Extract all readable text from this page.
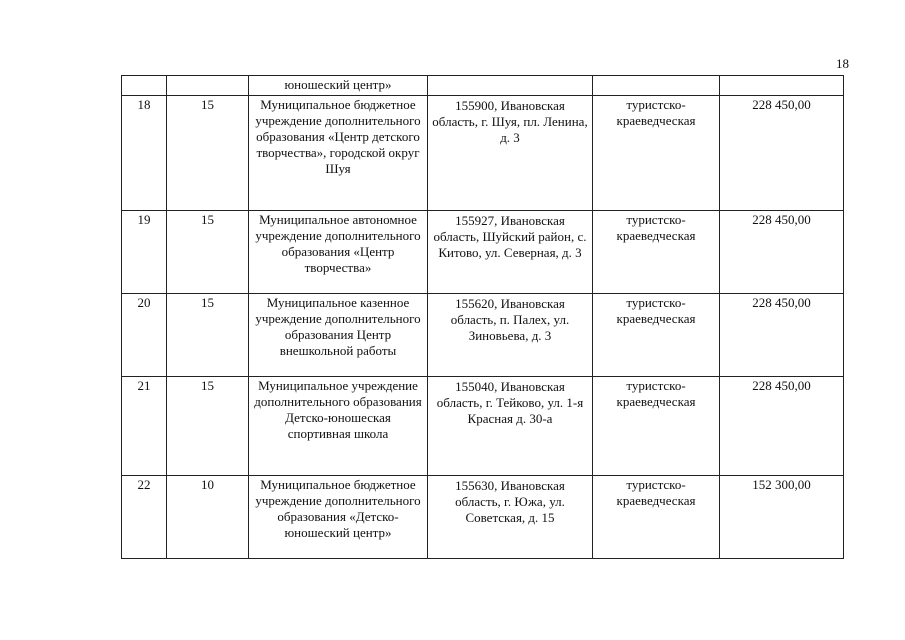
18

		юношеский центр»			

18	15	Муниципальное бюджетное учреждение дополнительного образования «Центр детского творчества», городской округ Шуя	155900, Ивановская область, г. Шуя, пл. Ленина, д. 3	туристско-краеведческая	228 450,00
19	15	Муниципальное автономное учреждение дополнительного образования «Центр творчества»	155927, Ивановская область, Шуйский район, с. Китово, ул. Северная, д. 3	туристско-краеведческая	228 450,00
20	15	Муниципальное казенное учреждение дополнительного образования Центр внешкольной работы	155620, Ивановская область, п. Палех, ул. Зиновьева, д. 3	туристско-краеведческая	228 450,00
21	15	Муниципальное учреждение дополнительного образования Детско-юношеская спортивная школа	155040, Ивановская область, г. Тейково, ул. 1-я Красная д. 30-а	туристско-краеведческая	228 450,00
22	10	Муниципальное бюджетное учреждение дополнительного образования «Детско-юношеский центр»	155630, Ивановская область, г. Южа, ул. Советская, д. 15	туристско-краеведческая	152 300,00
